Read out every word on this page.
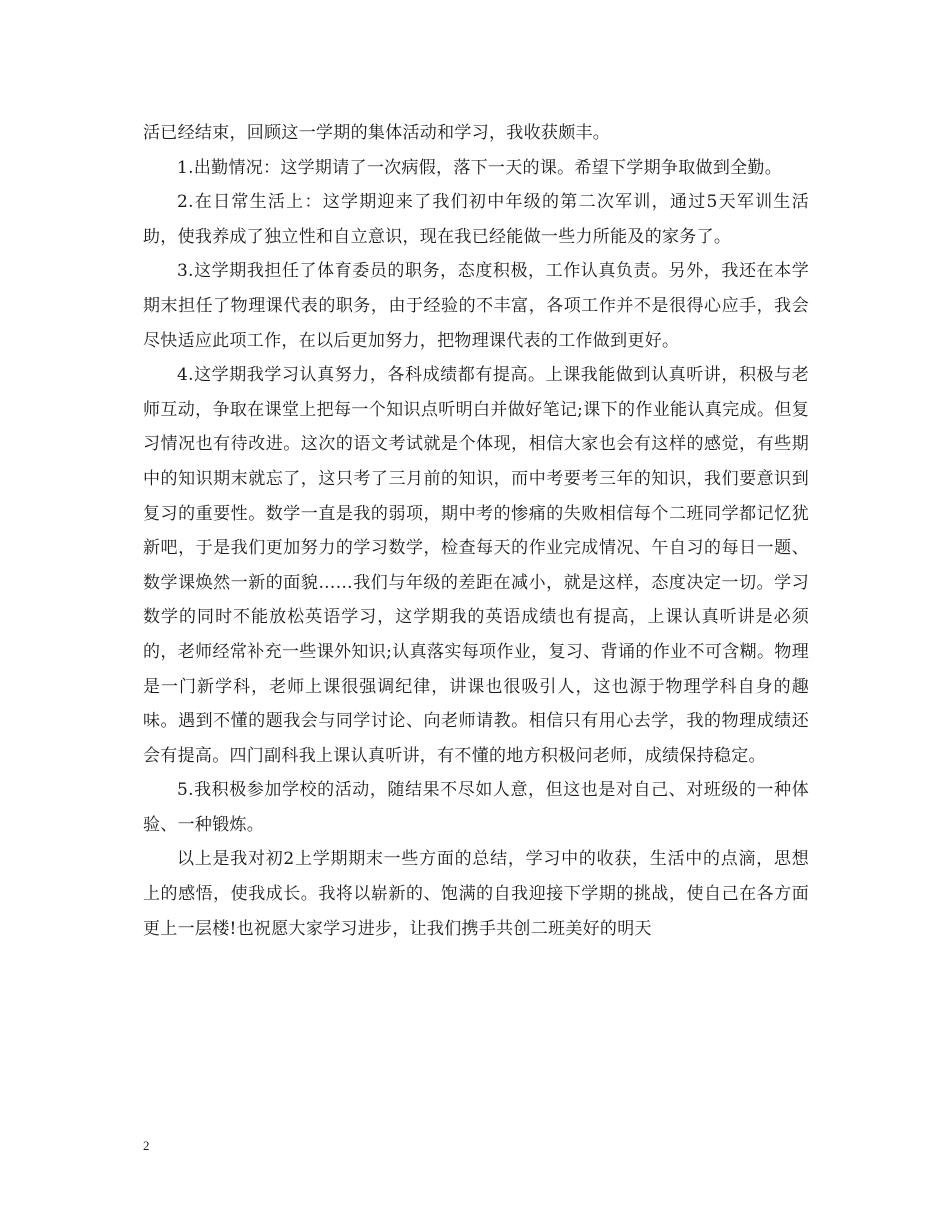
活已经结束，回顾这一学期的集体活动和学习，我收获颇丰。

1.出勤情况：这学期请了一次病假，落下一天的课。希望下学期争取做到全勤。

2.在日常生活上：这学期迎来了我们初中年级的第二次军训，通过5天军训生活助，使我养成了独立性和自立意识，现在我已经能做一些力所能及的家务了。

3.这学期我担任了体育委员的职务，态度积极，工作认真负责。另外，我还在本学期末担任了物理课代表的职务，由于经验的不丰富，各项工作并不是很得心应手，我会尽快适应此项工作，在以后更加努力，把物理课代表的工作做到更好。

4.这学期我学习认真努力，各科成绩都有提高。上课我能做到认真听讲，积极与老师互动，争取在课堂上把每一个知识点听明白并做好笔记;课下的作业能认真完成。但复习情况也有待改进。这次的语文考试就是个体现，相信大家也会有这样的感觉，有些期中的知识期末就忘了，这只考了三月前的知识，而中考要考三年的知识，我们要意识到复习的重要性。数学一直是我的弱项，期中考的惨痛的失败相信每个二班同学都记忆犹新吧，于是我们更加努力的学习数学，检查每天的作业完成情况、午自习的每日一题、数学课焕然一新的面貌……我们与年级的差距在减小，就是这样，态度决定一切。学习数学的同时不能放松英语学习，这学期我的英语成绩也有提高，上课认真听讲是必须的，老师经常补充一些课外知识;认真落实每项作业，复习、背诵的作业不可含糊。物理是一门新学科，老师上课很强调纪律，讲课也很吸引人，这也源于物理学科自身的趣味。遇到不懂的题我会与同学讨论、向老师请教。相信只有用心去学，我的物理成绩还会有提高。四门副科我上课认真听讲，有不懂的地方积极问老师，成绩保持稳定。

5.我积极参加学校的活动，随结果不尽如人意，但这也是对自己、对班级的一种体验、一种锻炼。

以上是我对初2上学期期末一些方面的总结，学习中的收获，生活中的点滴，思想上的感悟，使我成长。我将以崭新的、饱满的自我迎接下学期的挑战，使自己在各方面更上一层楼!也祝愿大家学习进步，让我们携手共创二班美好的明天

2
